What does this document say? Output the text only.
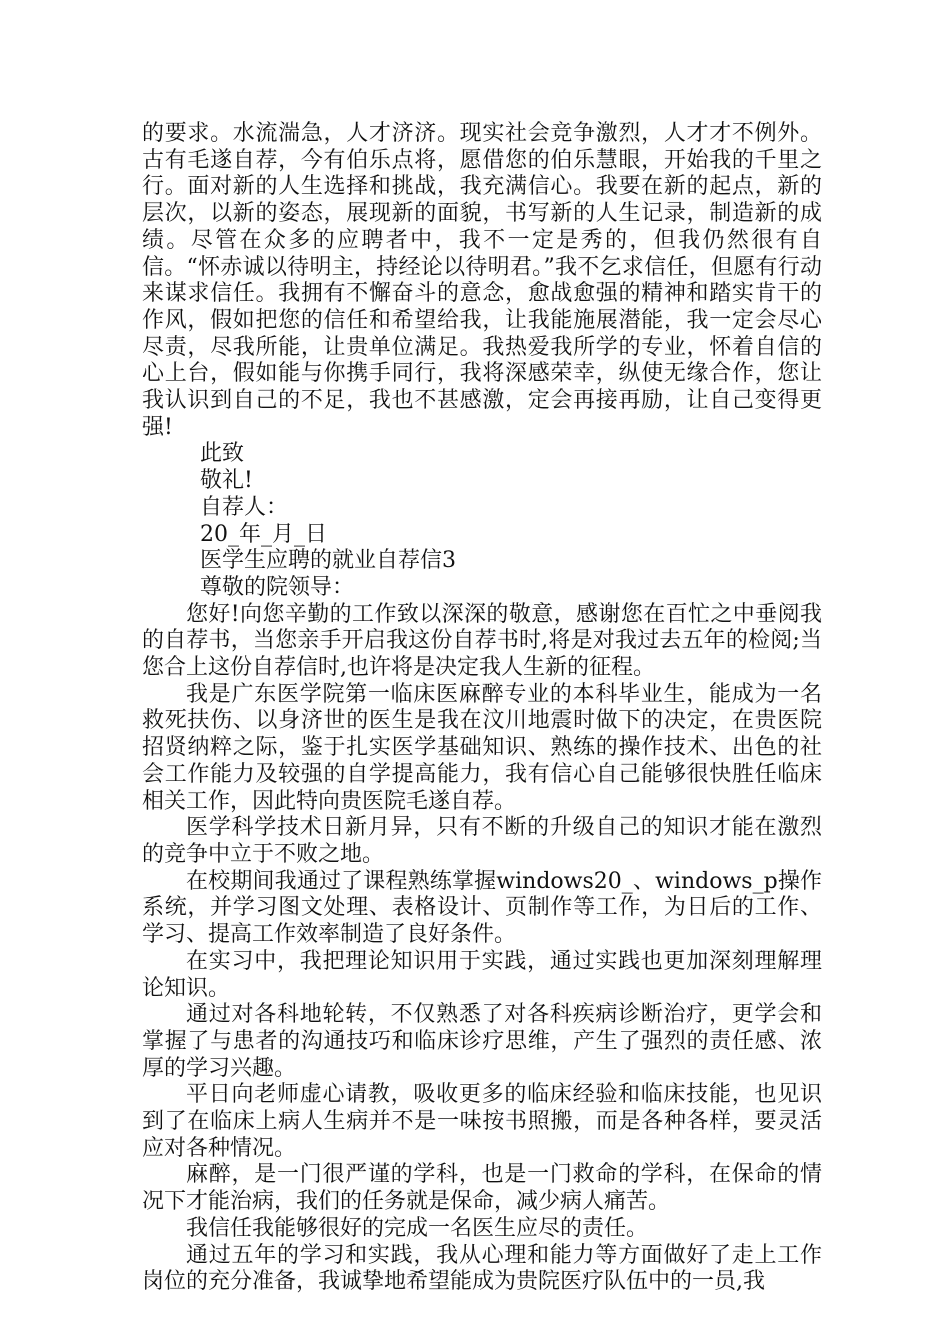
的要求。水流湍急，人才济济。现实社会竞争激烈，人才才不例外。古有毛遂自荐，今有伯乐点将，愿借您的伯乐慧眼，开始我的千里之行。面对新的人生选择和挑战，我充满信心。我要在新的起点，新的层次，以新的姿态，展现新的面貌，书写新的人生记录，制造新的成绩。尽管在众多的应聘者中，我不一定是秀的，但我仍然很有自信。“怀赤诚以待明主，持经论以待明君。”我不乞求信任，但愿有行动来谋求信任。我拥有不懈奋斗的意念，愈战愈强的精神和踏实肯干的作风，假如把您的信任和希望给我，让我能施展潜能，我一定会尽心尽责，尽我所能，让贵单位满足。我热爱我所学的专业，怀着自信的心上台，假如能与你携手同行，我将深感荣幸，纵使无缘合作，您让我认识到自己的不足，我也不甚感激，定会再接再励，让自己变得更强!

此致

敬礼!

自荐人：

20_年_月_日

医学生应聘的就业自荐信3

尊敬的院领导：

您好!向您辛勤的工作致以深深的敬意，感谢您在百忙之中垂阅我的自荐书，当您亲手开启我这份自荐书时,将是对我过去五年的检阅;当您合上这份自荐信时,也许将是决定我人生新的征程。

我是广东医学院第一临床医麻醉专业的本科毕业生，能成为一名救死扶伤、以身济世的医生是我在汶川地震时做下的决定，在贵医院招贤纳粹之际，鉴于扎实医学基础知识、熟练的操作技术、出色的社会工作能力及较强的自学提高能力，我有信心自己能够很快胜任临床相关工作，因此特向贵医院毛遂自荐。

医学科学技术日新月异，只有不断的升级自己的知识才能在激烈的竞争中立于不败之地。

在校期间我通过了课程熟练掌握windows20_、windows_p操作系统，并学习图文处理、表格设计、页制作等工作，为日后的工作、学习、提高工作效率制造了良好条件。

在实习中，我把理论知识用于实践，通过实践也更加深刻理解理论知识。

通过对各科地轮转，不仅熟悉了对各科疾病诊断治疗，更学会和掌握了与患者的沟通技巧和临床诊疗思维，产生了强烈的责任感、浓厚的学习兴趣。

平日向老师虚心请教，吸收更多的临床经验和临床技能，也见识到了在临床上病人生病并不是一味按书照搬，而是各种各样，要灵活应对各种情况。

麻醉，是一门很严谨的学科，也是一门救命的学科，在保命的情况下才能治病，我们的任务就是保命，减少病人痛苦。

我信任我能够很好的完成一名医生应尽的责任。

通过五年的学习和实践，我从心理和能力等方面做好了走上工作岗位的充分准备，我诚挚地希望能成为贵院医疗队伍中的一员,我
